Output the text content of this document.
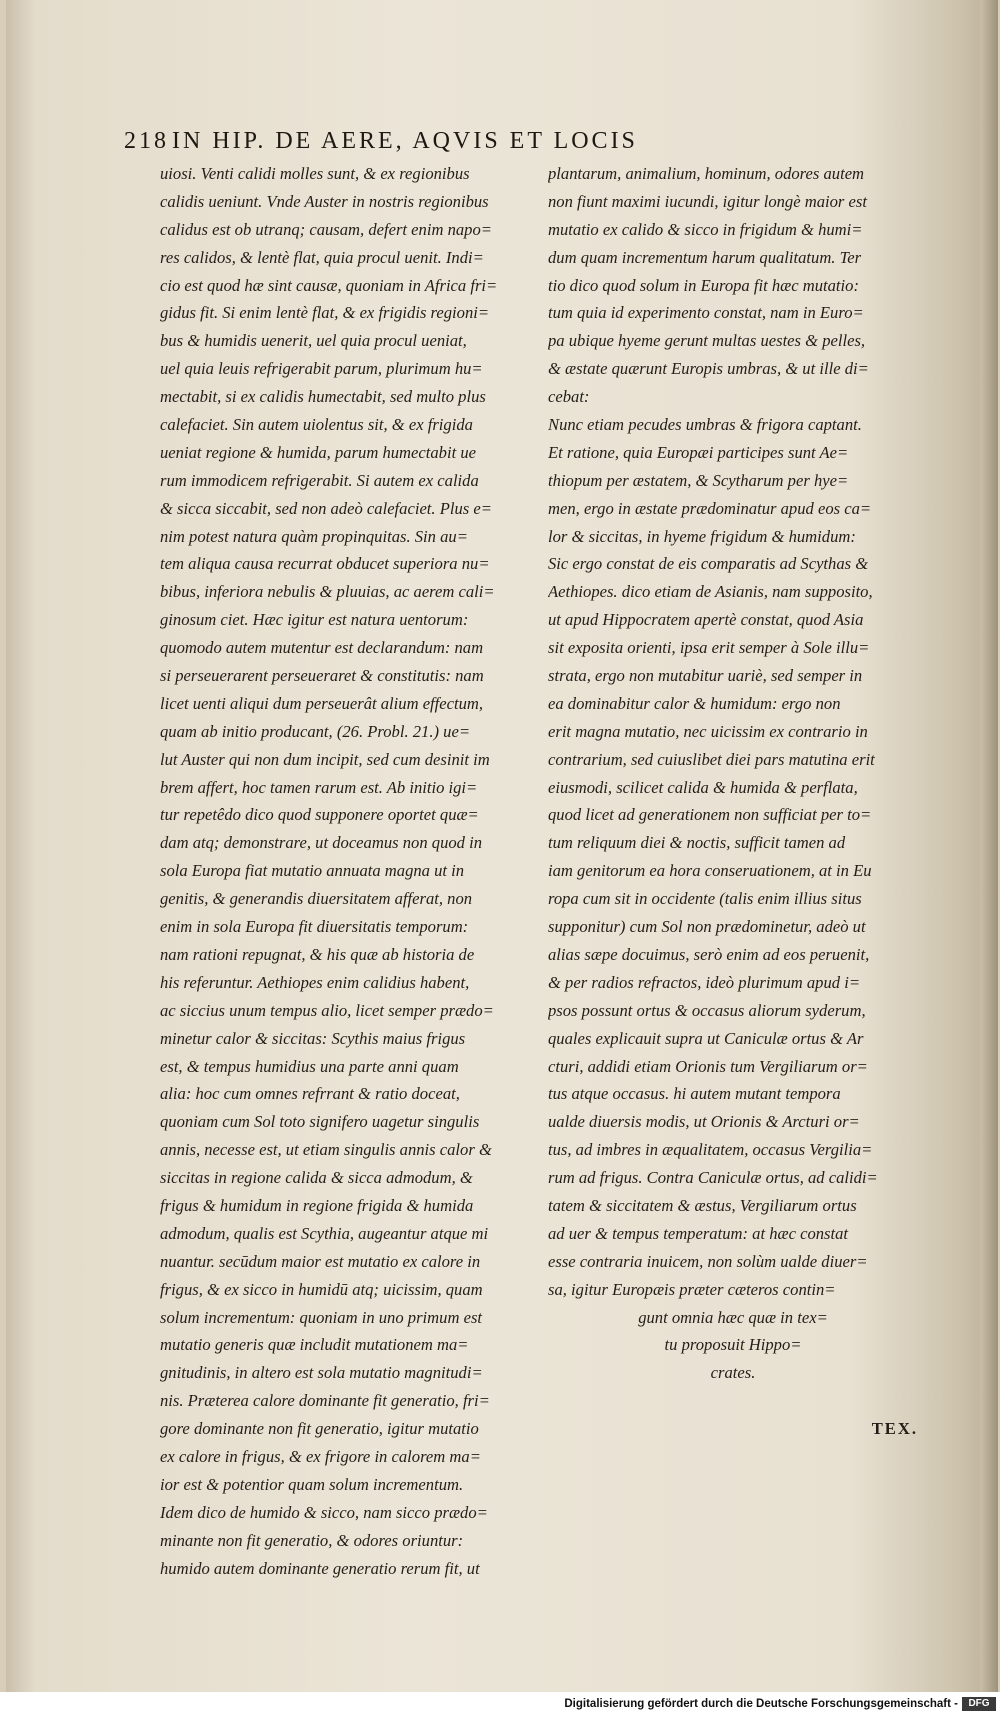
218 IN HIP. DE AERE, AQVIS ET LOCIS
uiosi. Venti calidi molles sunt, & ex regionibus
calidis ueniunt. Vnde Auster in nostris regionibus
calidus est ob utranq; causam, defert enim napo=
res calidos, & lentè flat, quia procul uenit. Indi=
cio est quod hæ sint causæ, quoniam in Africa fri=
gidus fit. Si enim lentè flat, & ex frigidis regioni=
bus & humidis uenerit, uel quia procul ueniat,
uel quia leuis refrigerabit parum, plurimum hu=
mectabit, si ex calidis humectabit, sed multo plus
calefaciet. Sin autem uiolentus sit, & ex frigida
ueniat regione & humida, parum humectabit ue
rum immodicem refrigerabit. Si autem ex calida
& sicca siccabit, sed non adeò calefaciet. Plus e=
nim potest natura quàm propinquitas. Sin au=
tem aliqua causa recurrat obducet superiora nu=
bibus, inferiora nebulis & pluuias, ac aerem cali=
ginosum ciet. Hæc igitur est natura uentorum:
quomodo autem mutentur est declarandum: nam
si perseuerarent perseueraret & constitutis: nam
licet uenti aliqui dum perseuerât alium effectum,
quam ab initio producant, (26. Probl. 21.) ue=
lut Auster qui non dum incipit, sed cum desinit im
brem affert, hoc tamen rarum est. Ab initio igi=
tur repetêdo dico quod supponere oportet quæ=
dam atq; demonstrare, ut doceamus non quod in
sola Europa fiat mutatio annuata magna ut in
genitis, & generandis diuersitatem afferat, non
enim in sola Europa fit diuersitatis temporum:
nam rationi repugnat, & his quæ ab historia de
his referuntur. Aethiopes enim calidius habent,
ac siccius unum tempus alio, licet semper prædo=
minetur calor & siccitas: Scythis maius frigus
est, & tempus humidius una parte anni quam
alia: hoc cum omnes refrrant & ratio doceat,
quoniam cum Sol toto signifero uagetur singulis
annis, necesse est, ut etiam singulis annis calor &
siccitas in regione calida & sicca admodum, &
frigus & humidum in regione frigida & humida
admodum, qualis est Scythia, augeantur atque mi
nuantur. secūdum maior est mutatio ex calore in
frigus, & ex sicco in humidū atq; uicissim, quam
solum incrementum: quoniam in uno primum est
mutatio generis quæ includit mutationem ma=
gnitudinis, in altero est sola mutatio magnitudi=
nis. Præterea calore dominante fit generatio, fri=
gore dominante non fit generatio, igitur mutatio
ex calore in frigus, & ex frigore in calorem ma=
ior est & potentior quam solum incrementum.
Idem dico de humido & sicco, nam sicco prædo=
minante non fit generatio, & odores oriuntur:
humido autem dominante generatio rerum fit, ut
plantarum, animalium, hominum, odores autem
non fiunt maximi iucundi, igitur longè maior est
mutatio ex calido & sicco in frigidum & humi=
dum quam incrementum harum qualitatum. Ter
tio dico quod solum in Europa fit hæc mutatio:
tum quia id experimento constat, nam in Euro=
pa ubique hyeme gerunt multas uestes & pelles,
& æstate quærunt Europis umbras, & ut ille di=
cebat:
Nunc etiam pecudes umbras & frigora captant.
Et ratione, quia Europæi participes sunt Ae=
thiopum per æstatem, & Scytharum per hye=
men, ergo in æstate prædominatur apud eos ca=
lor & siccitas, in hyeme frigidum & humidum:
Sic ergo constat de eis comparatis ad Scythas &
Aethiopes. dico etiam de Asianis, nam supposito,
ut apud Hippocratem apertè constat, quod Asia
sit exposita orienti, ipsa erit semper à Sole illu=
strata, ergo non mutabitur uariè, sed semper in
ea dominabitur calor & humidum: ergo non
erit magna mutatio, nec uicissim ex contrario in
contrarium, sed cuiuslibet diei pars matutina erit
eiusmodi, scilicet calida & humida & perflata,
quod licet ad generationem non sufficiat per to=
tum reliquum diei & noctis, sufficit tamen ad
iam genitorum ea hora conseruationem, at in Eu
ropa cum sit in occidente (talis enim illius situs
supponitur) cum Sol non prædominetur, adeò ut
alias sæpe docuimus, serò enim ad eos peruenit,
& per radios refractos, ideò plurimum apud i=
psos possunt ortus & occasus aliorum syderum,
quales explicauit supra ut Caniculæ ortus & Ar
cturi, addidi etiam Orionis tum Vergiliarum or=
tus atque occasus. hi autem mutant tempora
ualde diuersis modis, ut Orionis & Arcturi or=
tus, ad imbres in æqualitatem, occasus Vergilia=
rum ad frigus. Contra Caniculæ ortus, ad calidi=
tatem & siccitatem & æstus, Vergiliarum ortus
ad uer & tempus temperatum: at hæc constat
esse contraria inuicem, non solùm ualde diuer=
sa, igitur Europæis præter cæteros contin=
gunt omnia hæc quæ in tex=
tu proposuit Hippo=
crates.
TEX.
Digitalisierung gefördert durch die Deutsche Forschungsgemeinschaft -	DFG
